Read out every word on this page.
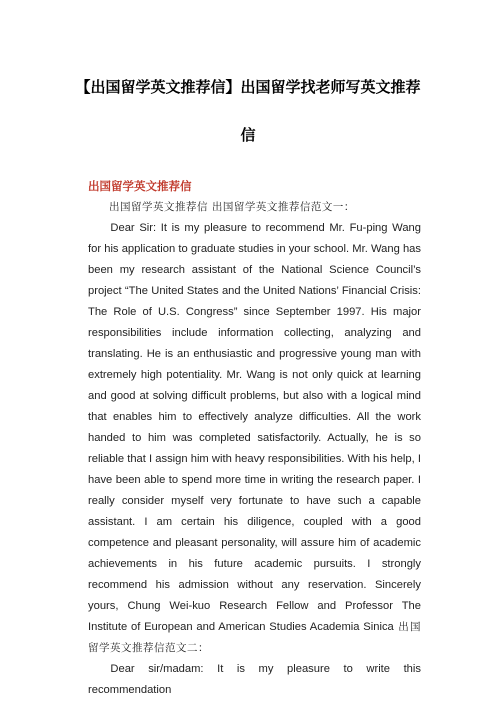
【出国留学英文推荐信】出国留学找老师写英文推荐
信
出国留学英文推荐信

出国留学英文推荐信 出国留学英文推荐信范文一：

Dear Sir: It is my pleasure to recommend Mr. Fu-ping Wang for his application to graduate studies in your school. Mr. Wang has been my research assistant of the National Science Council’s project “The United States and the United Nations’ Financial Crisis: The Role of U.S. Congress” since September 1997. His major responsibilities include information collecting, analyzing and translating. He is an enthusiastic and progressive young man with extremely high potentiality. Mr. Wang is not only quick at learning and good at solving difficult problems, but also with a logical mind that enables him to effectively analyze difficulties. All the work handed to him was completed satisfactorily. Actually, he is so reliable that I assign him with heavy responsibilities. With his help, I have been able to spend more time in writing the research paper. I really consider myself very fortunate to have such a capable assistant. I am certain his diligence, coupled with a good competence and pleasant personality, will assure him of academic achievements in his future academic pursuits. I strongly recommend his admission without any reservation. Sincerely yours, Chung Wei-kuo Research Fellow and Professor The Institute of European and American Studies Academia Sinica 出国留学英文推荐信范文二：

Dear sir/madam: It is my pleasure to write this recommendation
